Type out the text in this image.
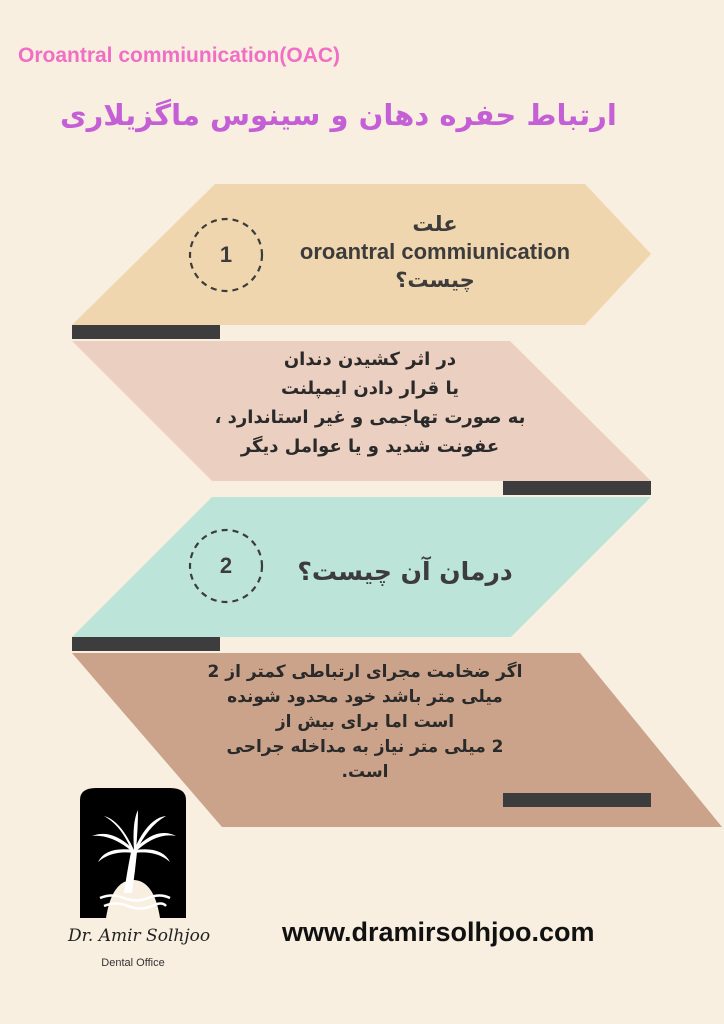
Oroantral commiunication(OAC)
ارتباط حفره دهان و سینوس ماگزیلاری
1
2
علت
oroantral commiunication
چیست؟
در اثر کشیدن دندان
یا قرار دادن ایمپلنت
به صورت تهاجمی و غیر استاندارد ،
عفونت شدید و یا عوامل دیگر
درمان آن چیست؟
اگر ضخامت مجرای ارتباطی کمتر از 2
میلی متر باشد خود محدود شونده
است اما برای بیش از
2 میلی متر نیاز به مداخله جراحی
است.
Dr. Amir Solhjoo
Dental Office
www.dramirsolhjoo.com
